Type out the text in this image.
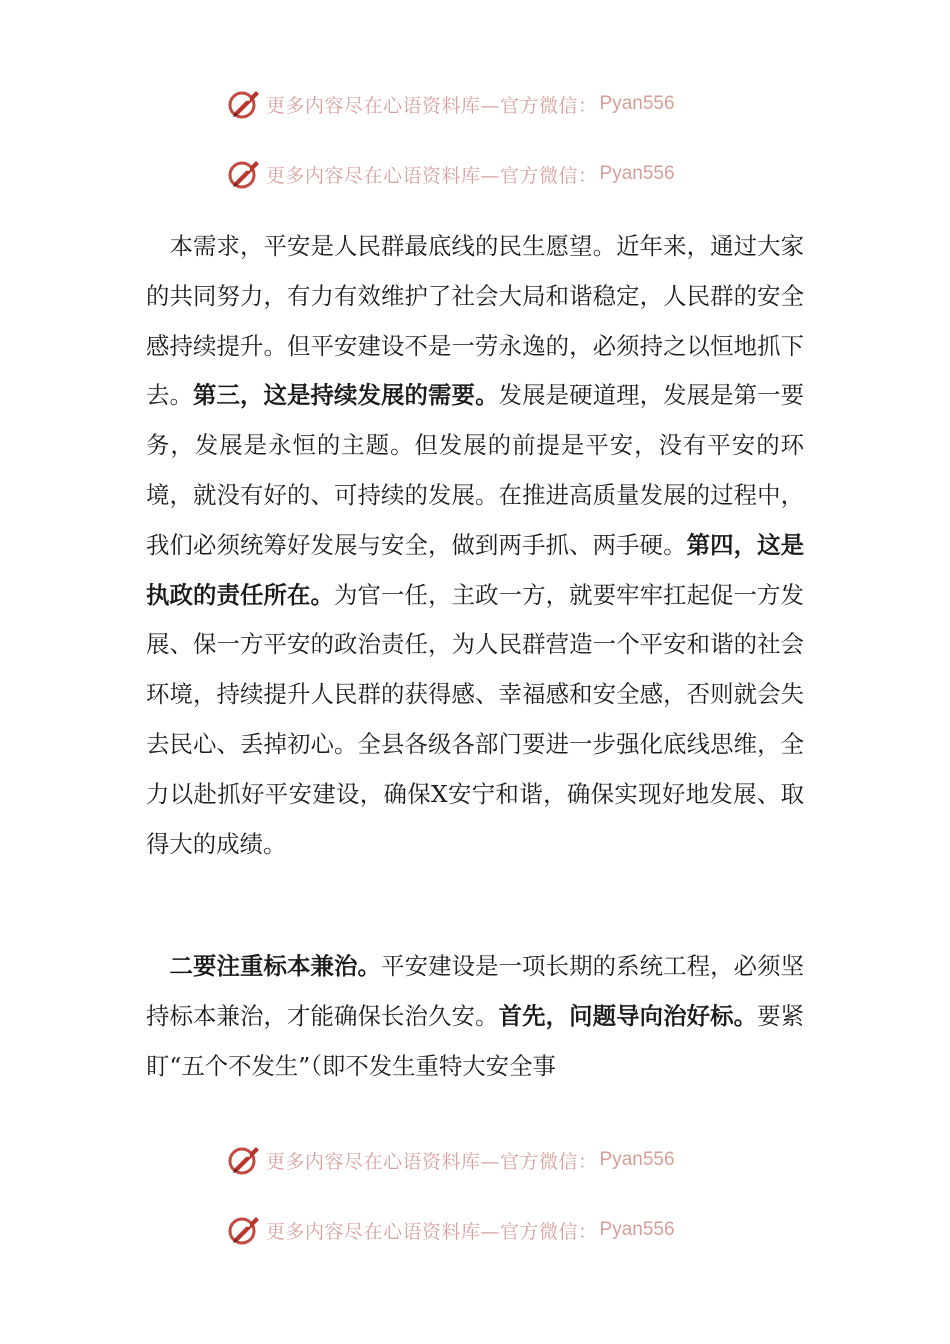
更多内容尽在心语资料库—官方微信： Pyan556
更多内容尽在心语资料库—官方微信： Pyan556

　本需求，平安是人民群最底线的民生愿望。近年来，通过大家的共同努力，有力有效维护了社会大局和谐稳定，人民群的安全感持续提升。但平安建设不是一劳永逸的，必须持之以恒地抓下去。第三，这是持续发展的需要。发展是硬道理，发展是第一要务，发展是永恒的主题。但发展的前提是平安，没有平安的环境，就没有好的、可持续的发展。在推进高质量发展的过程中，我们必须统筹好发展与安全，做到两手抓、两手硬。第四，这是执政的责任所在。为官一任，主政一方，就要牢牢扛起促一方发展、保一方平安的政治责任，为人民群营造一个平安和谐的社会环境，持续提升人民群的获得感、幸福感和安全感，否则就会失去民心、丢掉初心。全县各级各部门要进一步强化底线思维，全力以赴抓好平安建设，确保X安宁和谐，确保实现好地发展、取得大的成绩。

　二要注重标本兼治。平安建设是一项长期的系统工程，必须坚持标本兼治，才能确保长治久安。首先，问题导向治好标。要紧盯“五个不发生”（即不发生重特大安全事

更多内容尽在心语资料库—官方微信： Pyan556
更多内容尽在心语资料库—官方微信： Pyan556
